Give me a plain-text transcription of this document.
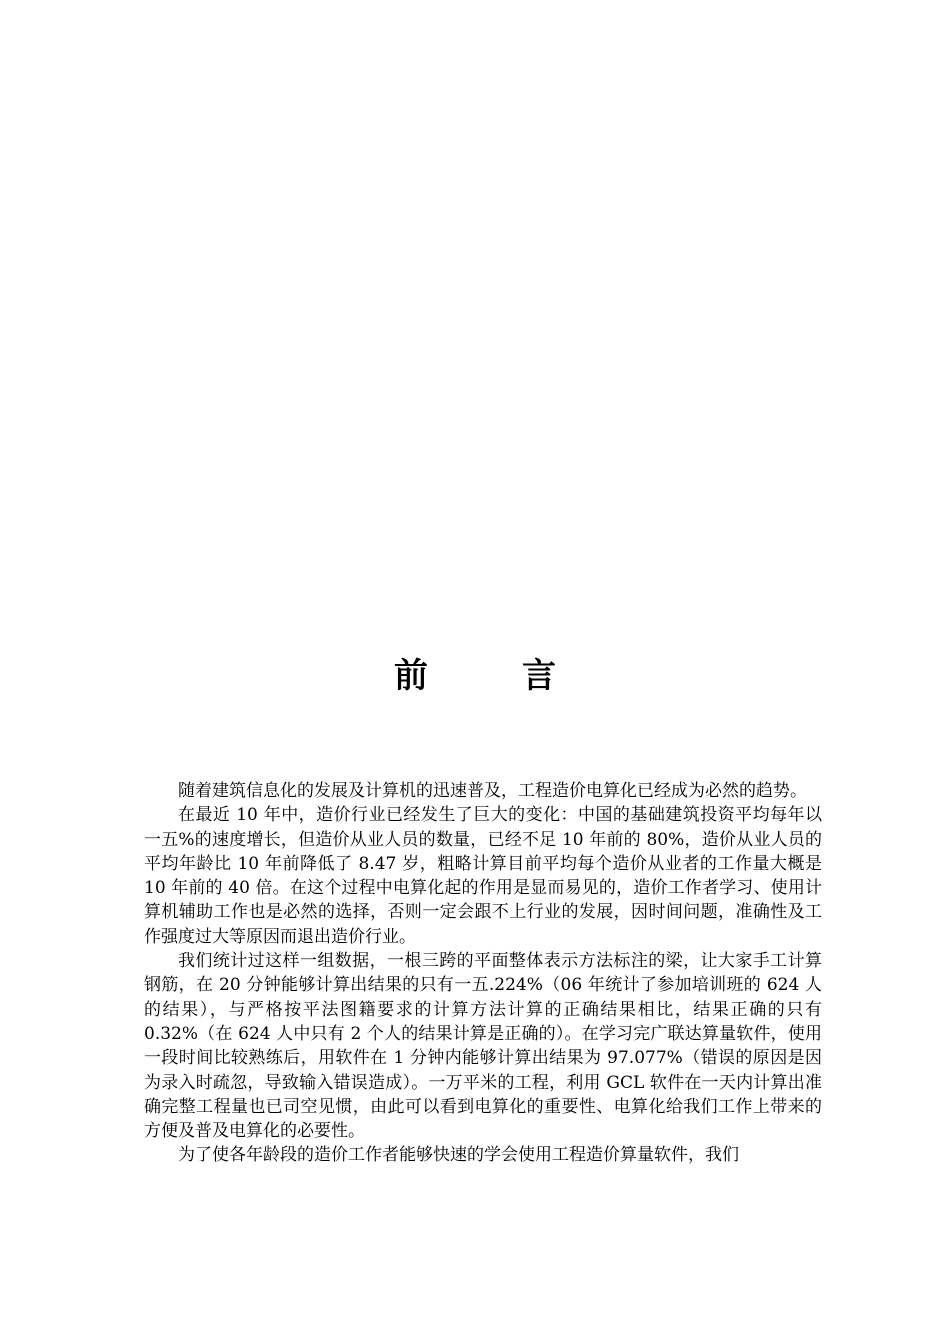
前　言

随着建筑信息化的发展及计算机的迅速普及，工程造价电算化已经成为必然的趋势。

在最近 10 年中，造价行业已经发生了巨大的变化：中国的基础建筑投资平均每年以一五%的速度增长，但造价从业人员的数量，已经不足 10 年前的 80%，造价从业人员的平均年龄比 10 年前降低了 8.47 岁，粗略计算目前平均每个造价从业者的工作量大概是 10 年前的 40 倍。在这个过程中电算化起的作用是显而易见的，造价工作者学习、使用计算机辅助工作也是必然的选择，否则一定会跟不上行业的发展，因时间问题，准确性及工作强度过大等原因而退出造价行业。

我们统计过这样一组数据，一根三跨的平面整体表示方法标注的梁，让大家手工计算钢筋，在 20 分钟能够计算出结果的只有一五.224%（06 年统计了参加培训班的 624 人的结果），与严格按平法图籍要求的计算方法计算的正确结果相比，结果正确的只有 0.32%（在 624 人中只有 2 个人的结果计算是正确的）。在学习完广联达算量软件，使用一段时间比较熟练后，用软件在 1 分钟内能够计算出结果为 97.077%（错误的原因是因为录入时疏忽，导致输入错误造成）。一万平米的工程，利用 GCL 软件在一天内计算出准确完整工程量也已司空见惯，由此可以看到电算化的重要性、电算化给我们工作上带来的方便及普及电算化的必要性。

为了使各年龄段的造价工作者能够快速的学会使用工程造价算量软件，我们
